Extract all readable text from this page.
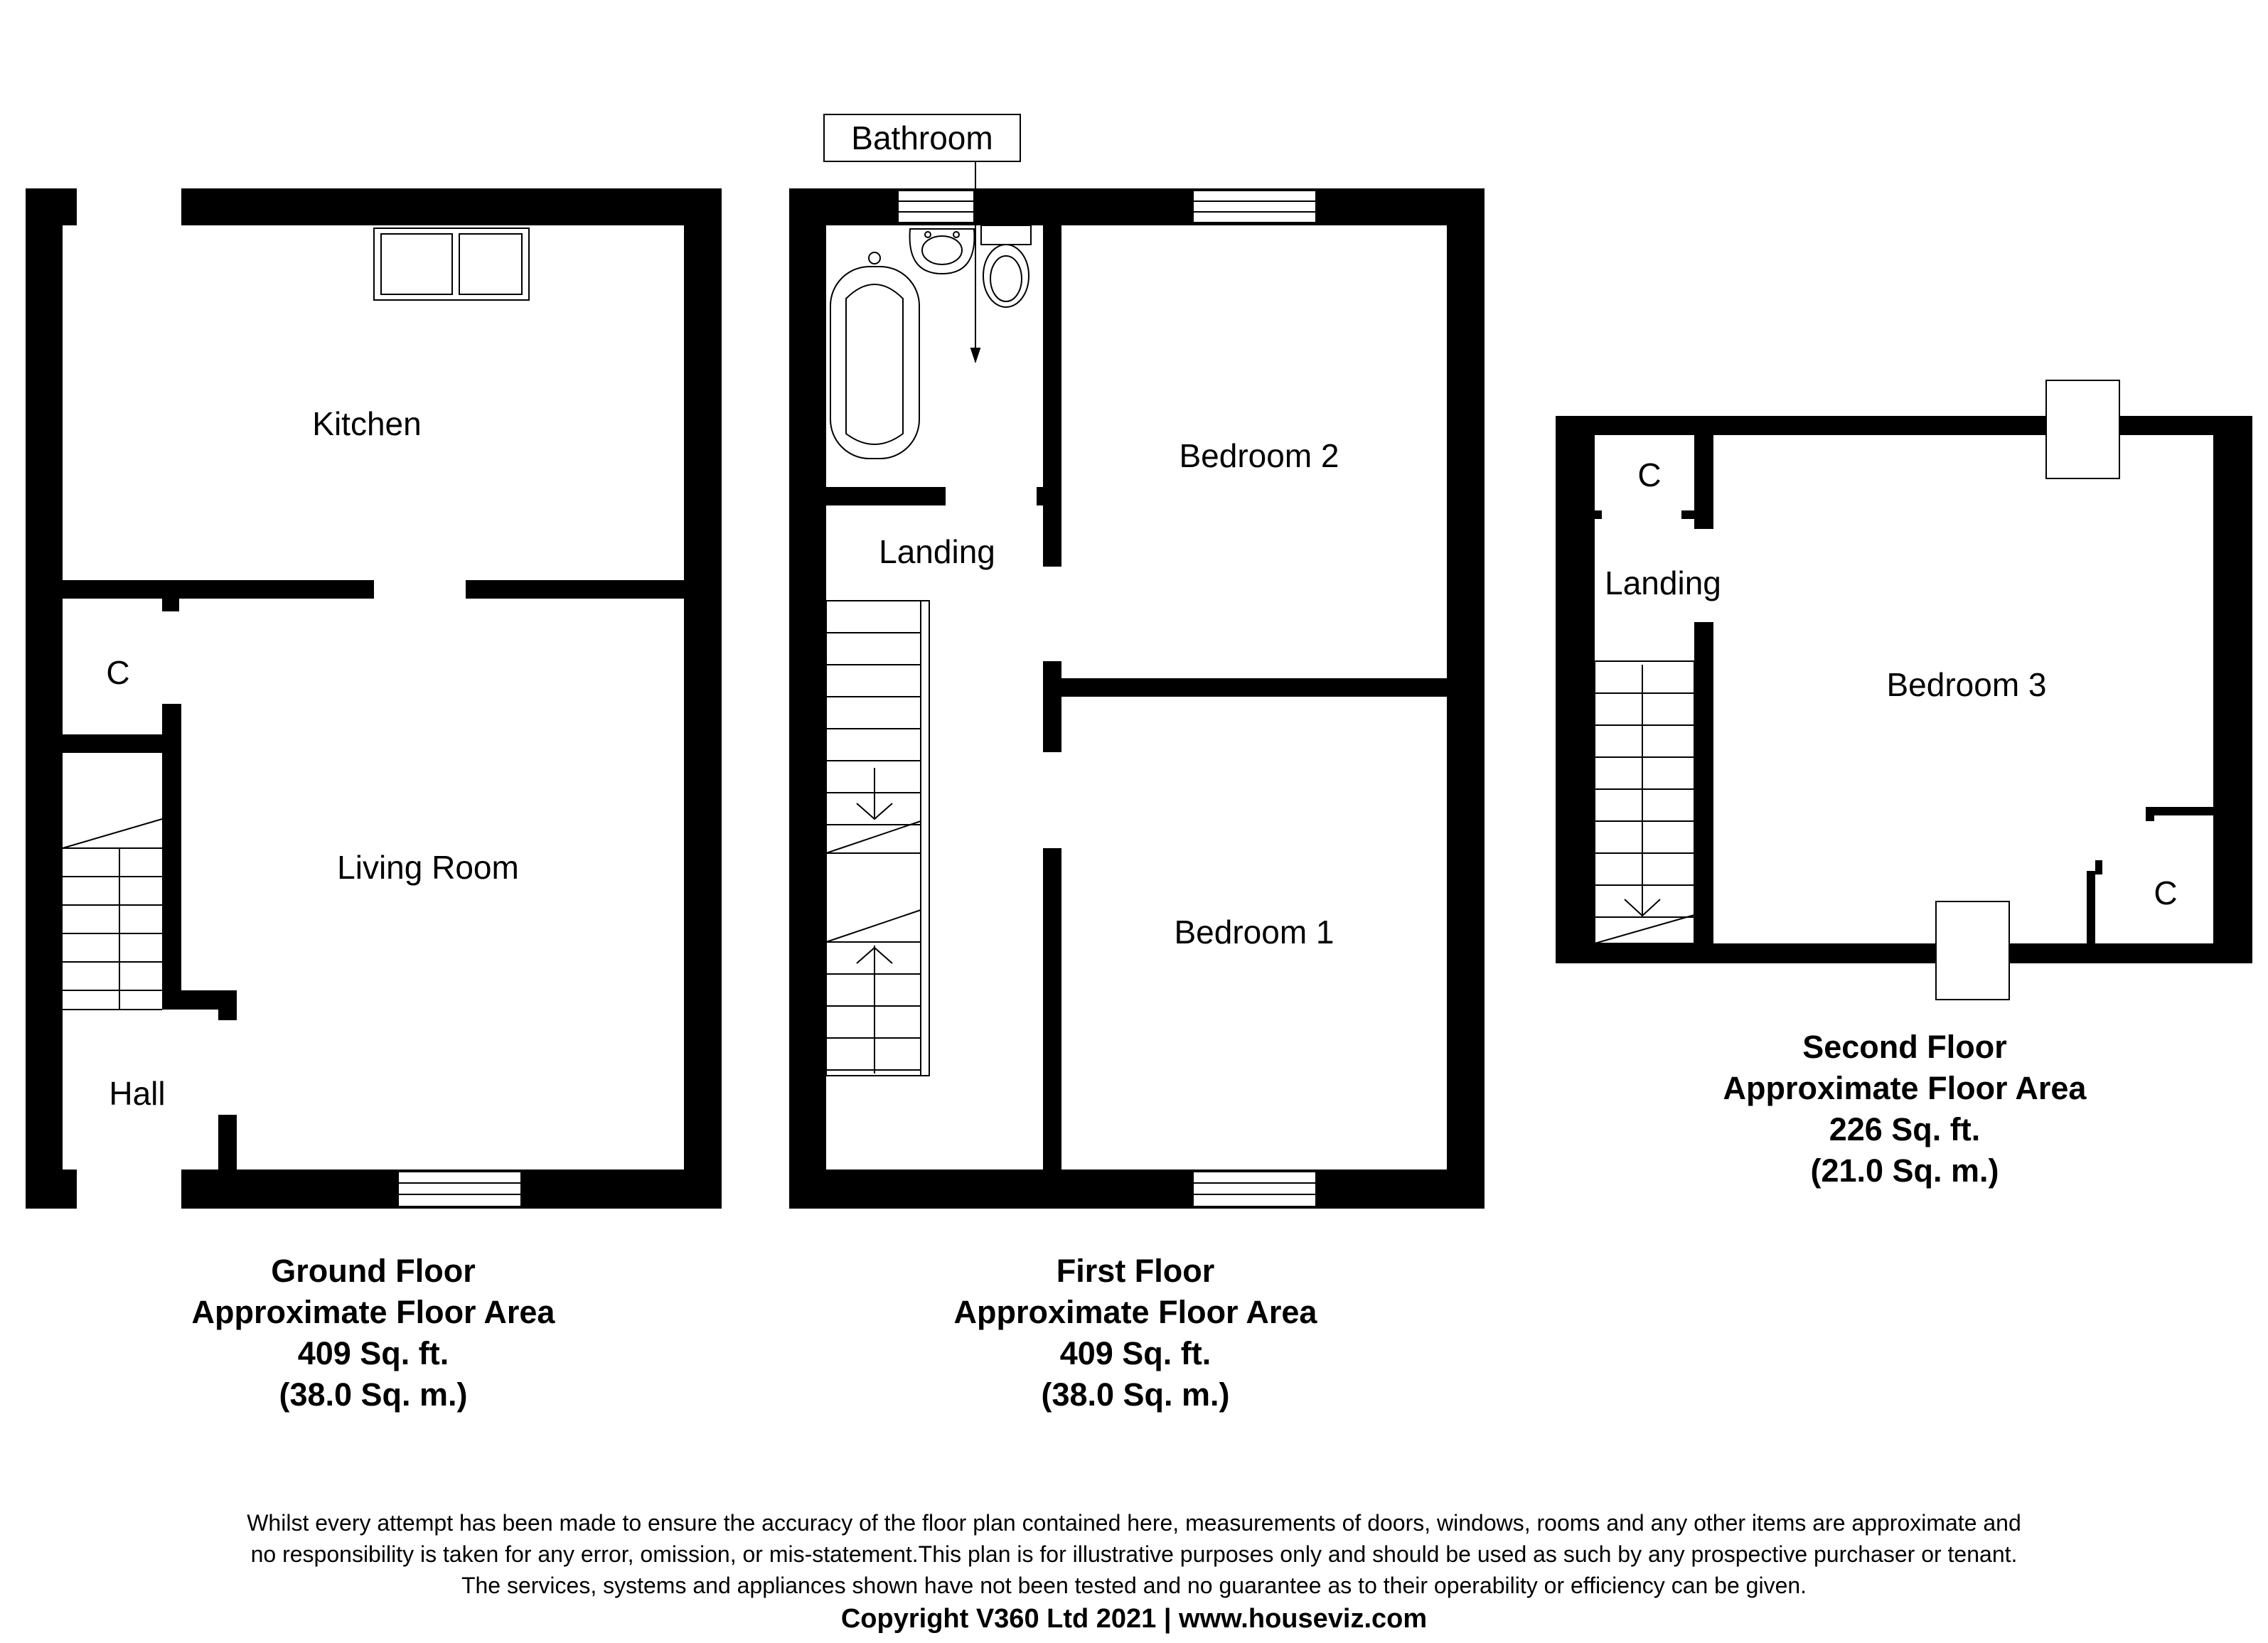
Kitchen
C
Living Room
Hall
Bathroom
Landing
Bedroom 2
Bedroom 1
C
Landing
Bedroom 3
C
Ground Floor
Approximate Floor Area
409 Sq. ft.
(38.0 Sq. m.)
First Floor
Approximate Floor Area
409 Sq. ft.
(38.0 Sq. m.)
Second Floor
Approximate Floor Area
226 Sq. ft.
(21.0 Sq. m.)
Whilst every attempt has been made to ensure the accuracy of the floor plan contained here, measurements of doors, windows, rooms and any other items are approximate and
no responsibility is taken for any error, omission, or mis-statement.This plan is for illustrative purposes only and should be used as such by any prospective purchaser or tenant.
The services, systems and appliances shown have not been tested and no guarantee as to their operability or efficiency can be given.
Copyright V360 Ltd 2021 | www.houseviz.com
